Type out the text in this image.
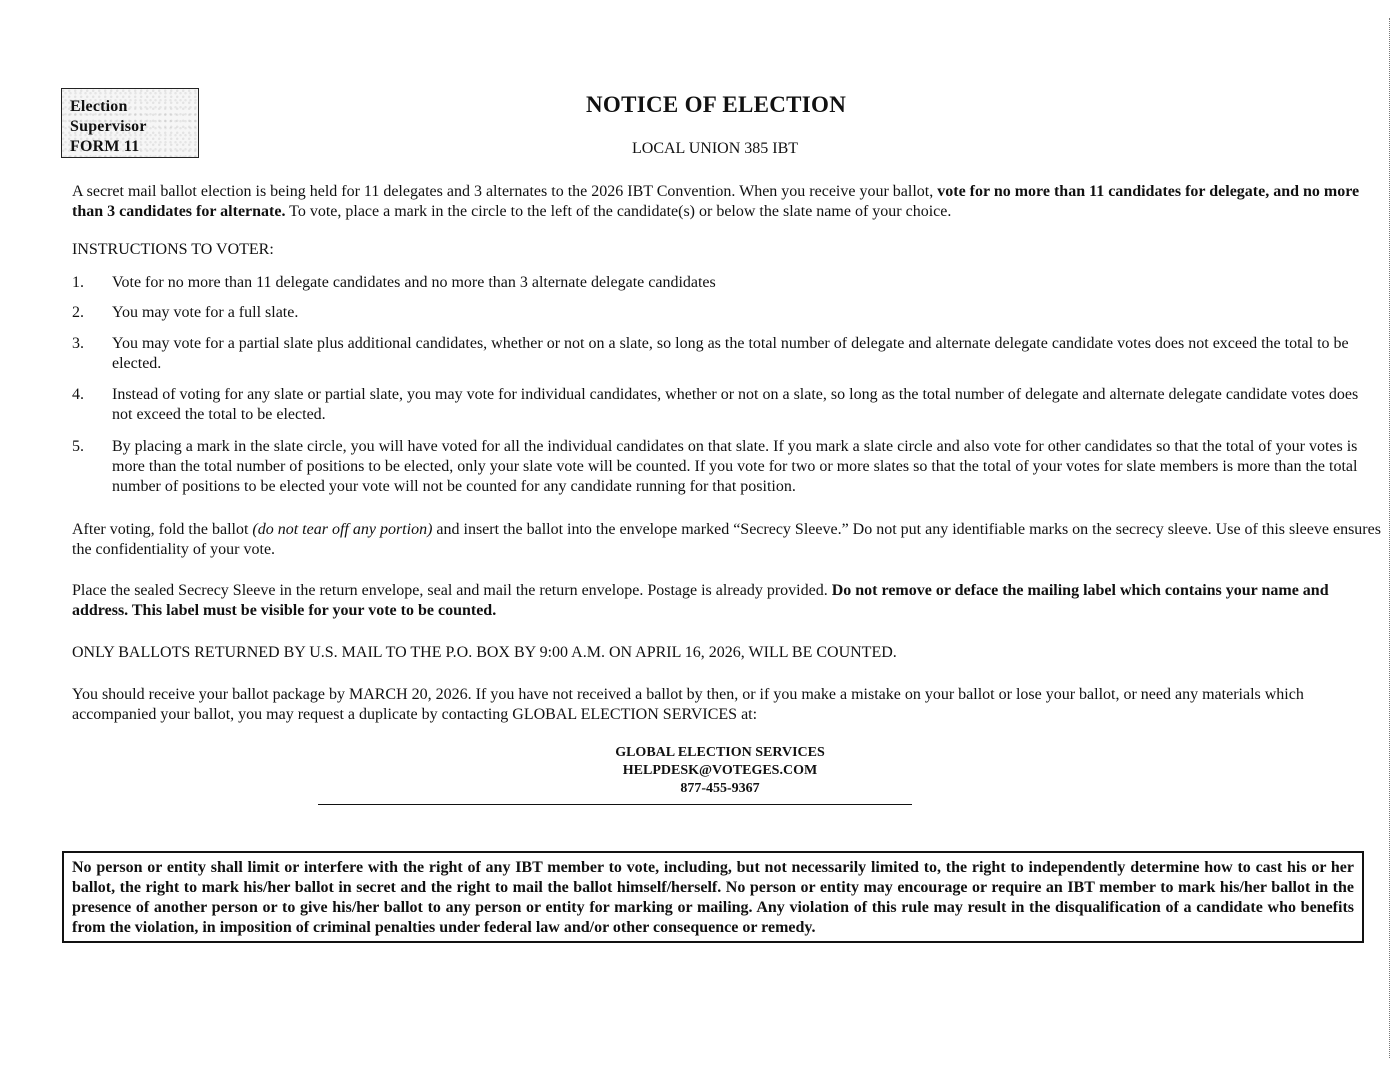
Election
Supervisor
FORM 11
NOTICE OF ELECTION
LOCAL UNION 385 IBT
A secret mail ballot election is being held for 11 delegates and 3 alternates to the 2026 IBT Convention. When you receive your ballot, vote for no more than 11 candidates for delegate, and no more than 3 candidates for alternate. To vote, place a mark in the circle to the left of the candidate(s) or below the slate name of your choice.
INSTRUCTIONS TO VOTER:
1. Vote for no more than 11 delegate candidates and no more than 3 alternate delegate candidates
2. You may vote for a full slate.
3. You may vote for a partial slate plus additional candidates, whether or not on a slate, so long as the total number of delegate and alternate delegate candidate votes does not exceed the total to be elected.
4. Instead of voting for any slate or partial slate, you may vote for individual candidates, whether or not on a slate, so long as the total number of delegate and alternate delegate candidate votes does not exceed the total to be elected.
5. By placing a mark in the slate circle, you will have voted for all the individual candidates on that slate. If you mark a slate circle and also vote for other candidates so that the total of your votes is more than the total number of positions to be elected, only your slate vote will be counted. If you vote for two or more slates so that the total of your votes for slate members is more than the total number of positions to be elected your vote will not be counted for any candidate running for that position.
After voting, fold the ballot (do not tear off any portion) and insert the ballot into the envelope marked “Secrecy Sleeve.” Do not put any identifiable marks on the secrecy sleeve. Use of this sleeve ensures the confidentiality of your vote.
Place the sealed Secrecy Sleeve in the return envelope, seal and mail the return envelope. Postage is already provided. Do not remove or deface the mailing label which contains your name and address. This label must be visible for your vote to be counted.
ONLY BALLOTS RETURNED BY U.S. MAIL TO THE P.O. BOX BY 9:00 A.M. ON APRIL 16, 2026, WILL BE COUNTED.
You should receive your ballot package by MARCH 20, 2026. If you have not received a ballot by then, or if you make a mistake on your ballot or lose your ballot, or need any materials which accompanied your ballot, you may request a duplicate by contacting GLOBAL ELECTION SERVICES at:
GLOBAL ELECTION SERVICES
HELPDESK@VOTEGES.COM
877-455-9367
No person or entity shall limit or interfere with the right of any IBT member to vote, including, but not necessarily limited to, the right to independently determine how to cast his or her ballot, the right to mark his/her ballot in secret and the right to mail the ballot himself/herself. No person or entity may encourage or require an IBT member to mark his/her ballot in the presence of another person or to give his/her ballot to any person or entity for marking or mailing. Any violation of this rule may result in the disqualification of a candidate who benefits from the violation, in imposition of criminal penalties under federal law and/or other consequence or remedy.
